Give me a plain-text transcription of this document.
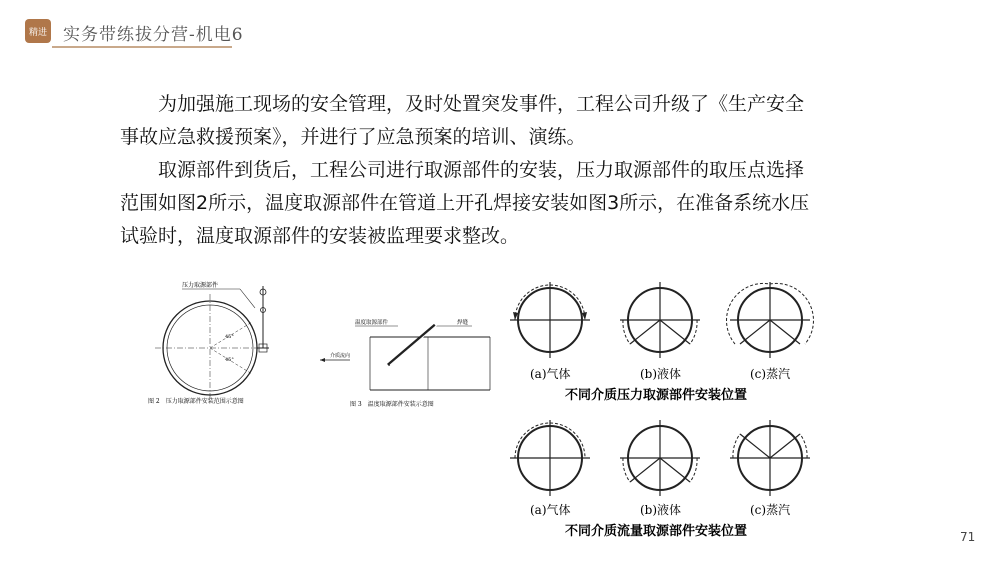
精进 实务带练拔分营-机电6

为加强施工现场的安全管理，及时处置突发事件，工程公司升级了《生产安全事故应急救援预案》，并进行了应急预案的培训、演练。

取源部件到货后，工程公司进行取源部件的安装，压力取源部件的取压点选择范围如图2所示，温度取源部件在管道上开孔焊接安装如图3所示，在准备系统水压试验时，温度取源部件的安装被监理要求整改。

压力取源部件
45°
45°
图 2　压力取源部件安装范围示意图
温度取源部件	焊缝
介质流向
图 3　温度取源部件安装示意图
(a)气体	(b)液体	(c)蒸汽
不同介质压力取源部件安装位置
(a)气体	(b)液体	(c)蒸汽
不同介质流量取源部件安装位置	71
